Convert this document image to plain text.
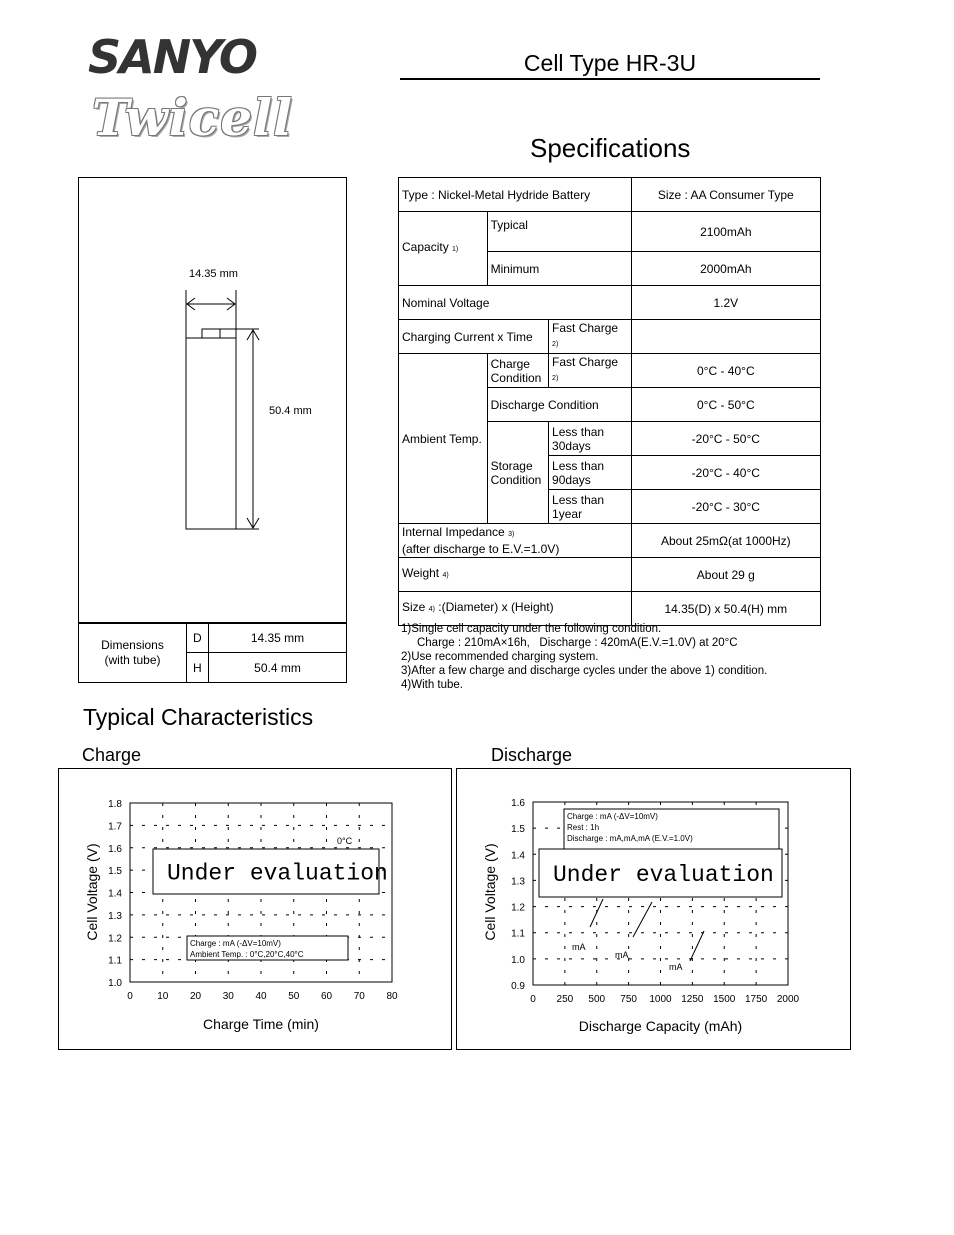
SANYO
Twicell
Cell Type HR-3U
Specifications
Type : Nickel-Metal Hydride Battery			Size : AA Consumer Type
Capacity 1)	Typical		2100mAh
	Minimum		2000mAh
Nominal Voltage			1.2V
Charging Current x Time		Fast Charge 2)	
Ambient Temp.	Charge Condition	Fast Charge 2)	0°C - 40°C
	Discharge Condition		0°C - 50°C
	Storage Condition	Less than 30days	-20°C - 50°C
		Less than 90days	-20°C - 40°C
		Less than 1year	-20°C - 30°C
Internal Impedance 3)
(after discharge to E.V.=1.0V)			About 25mΩ(at 1000Hz)
Weight 4)			About 29 g
Size 4) :(Diameter) x (Height)			14.35(D) x 50.4(H) mm
14.35 mm
50.4 mm
Dimensions
(with tube)	D	14.35 mm
	H	50.4 mm
1)Single cell capacity under the following condition.
Charge : 210mA×16h,   Discharge : 420mA(E.V.=1.0V) at 20°C
2)Use recommended charging system.
3)After a few charge and discharge cycles under the above 1) condition.
4)With tube.
Typical Characteristics
Charge	Discharge
0 10 20 30 40 50 60 70 80
1.0
1.1
1.2
1.3
1.4
1.5
1.6
1.7
1.8
Charge Time (min)
Cell Voltage (V)
Charge : mA (-ΔV=10mV)
Ambient Temp. : 0°C,20°C,40°C
0°C
Under evaluation
0 250 500 750 1000 1250 1500 1750 2000
0.9
1.0
1.1
1.2
1.3
1.4
1.5
1.6
Discharge Capacity (mAh)
Cell Voltage (V)
Charge : mA (-ΔV=10mV)
Rest : 1h
Discharge : mA,mA,mA (E.V.=1.0V)
mA
mA
mA
Under evaluation
